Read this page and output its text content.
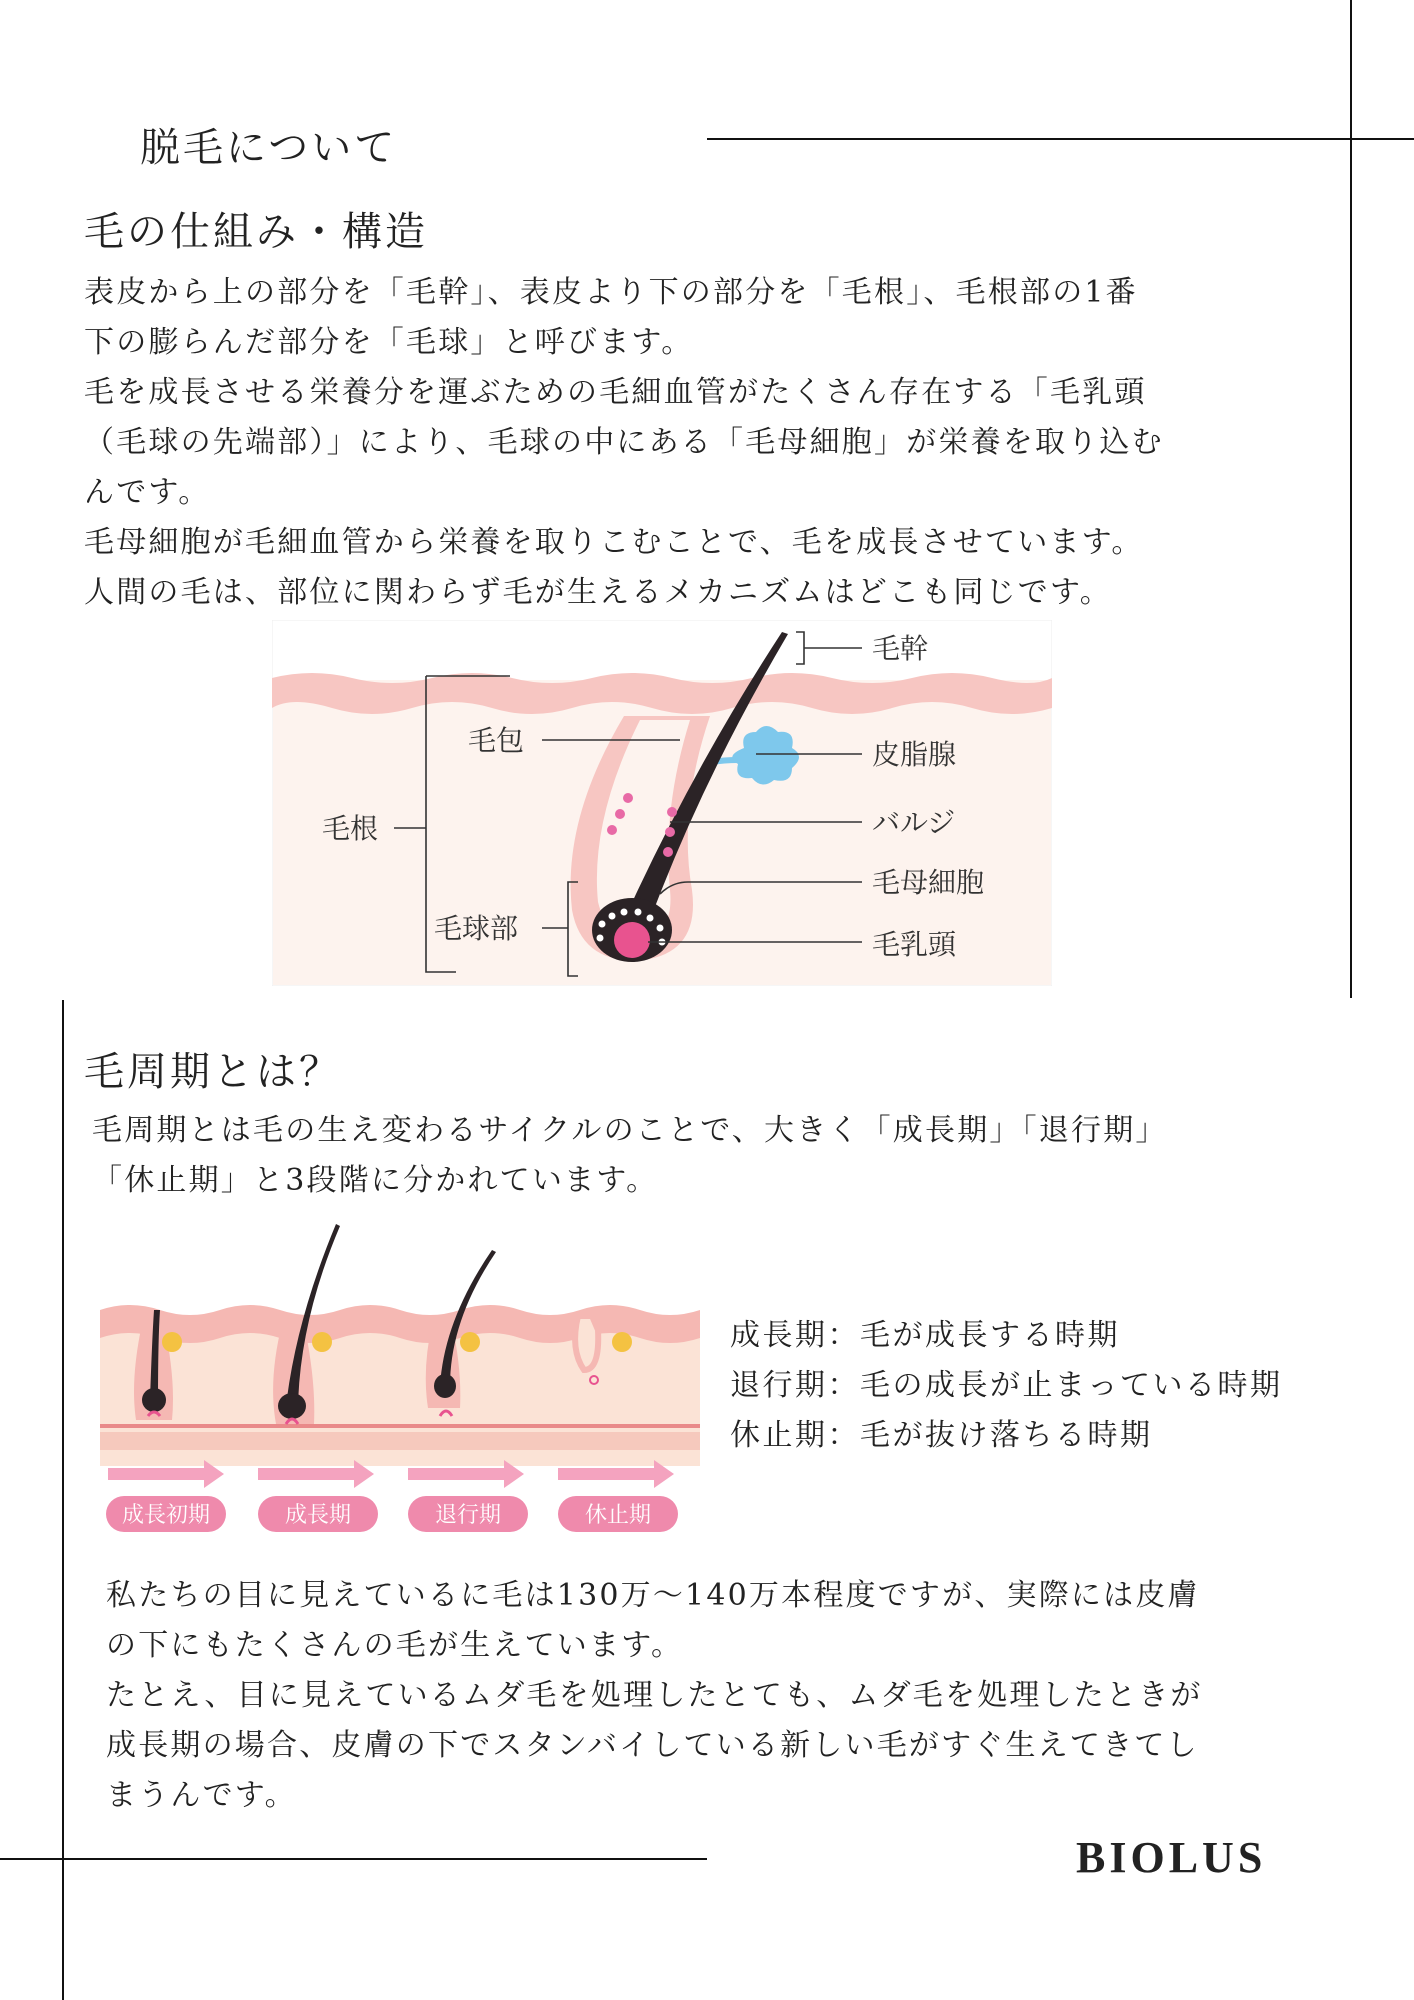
脱毛について
毛の仕組み・構造
表皮から上の部分を「毛幹」、表皮より下の部分を「毛根」、毛根部の1番
下の膨らんだ部分を「毛球」と呼びます。
毛を成長させる栄養分を運ぶための毛細血管がたくさん存在する「毛乳頭
（毛球の先端部）」により、毛球の中にある「毛母細胞」が栄養を取り込む
んです。
毛母細胞が毛細血管から栄養を取りこむことで、毛を成長させています。
人間の毛は、部位に関わらず毛が生えるメカニズムはどこも同じです。
毛幹
毛包	皮脂腺
毛根	バルジ
毛母細胞
毛球部	毛乳頭
毛周期とは？
毛周期とは毛の生え変わるサイクルのことで、大きく「成長期」「退行期」
「休止期」と3段階に分かれています。
成長初期	成長期	退行期	休止期
成長期：毛が成長する時期
退行期：毛の成長が止まっている時期
休止期：毛が抜け落ちる時期
私たちの目に見えているに毛は130万～140万本程度ですが、実際には皮膚
の下にもたくさんの毛が生えています。
たとえ、目に見えているムダ毛を処理したとても、ムダ毛を処理したときが
成長期の場合、皮膚の下でスタンバイしている新しい毛がすぐ生えてきてし
まうんです。
BIOLUS
